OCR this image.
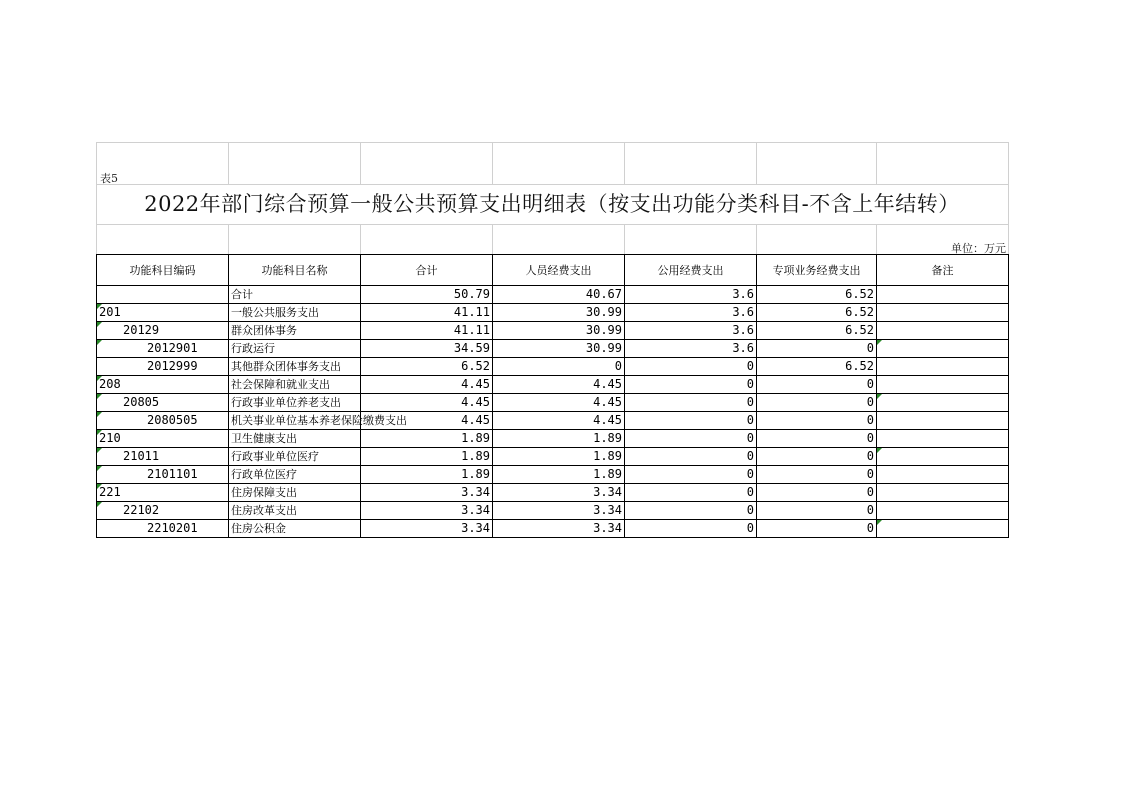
表5
2022年部门综合预算一般公共预算支出明细表（按支出功能分类科目-不含上年结转）
单位：万元
功能科目编码	功能科目名称	合计	人员经费支出	公用经费支出	专项业务经费支出	备注
	合计	50.79	40.67	3.6	6.52	

201	一般公共服务支出	41.11	30.99	3.6	6.52	

20129	群众团体事务	41.11	30.99	3.6	6.52	

2012901	行政运行	34.59	30.99	3.6	0	

2012999	其他群众团体事务支出	6.52	0	0	6.52	

208	社会保障和就业支出	4.45	4.45	0	0	

20805	行政事业单位养老支出	4.45	4.45	0	0	

2080505	机关事业单位基本养老保险缴费支出	4.45	4.45	0	0	

210	卫生健康支出	1.89	1.89	0	0	

21011	行政事业单位医疗	1.89	1.89	0	0	

2101101	行政单位医疗	1.89	1.89	0	0	

221	住房保障支出	3.34	3.34	0	0	

22102	住房改革支出	3.34	3.34	0	0	
2210201	住房公积金	3.34	3.34	0	0	
